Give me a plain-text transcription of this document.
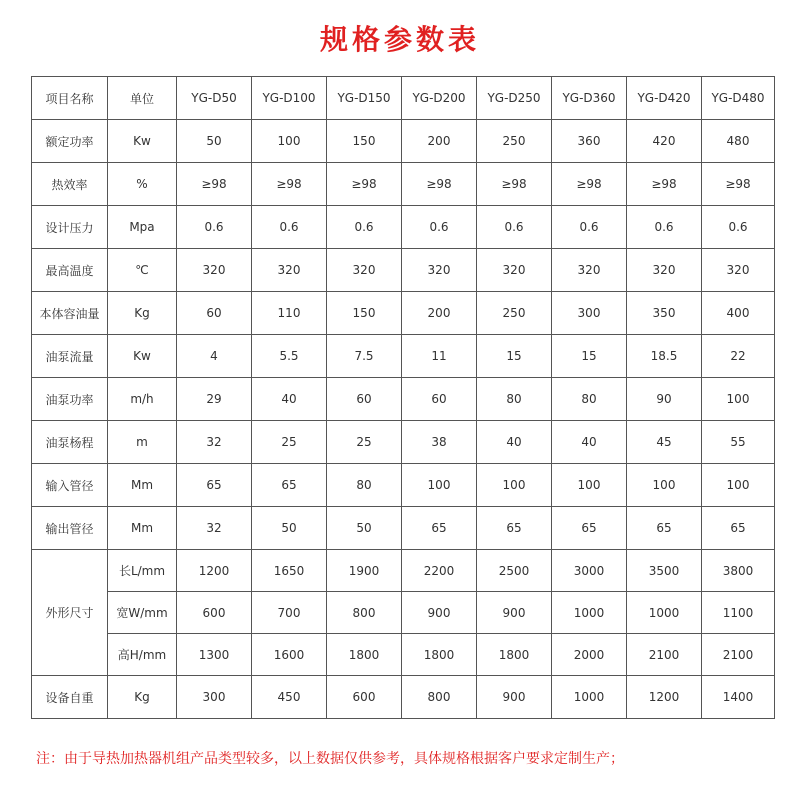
规格参数表
项目名称	单位	YG-D50	YG-D100	YG-D150	YG-D200	YG-D250	YG-D360	YG-D420	YG-D480
额定功率	Kw	50	100	150	200	250	360	420	480
热效率	%	≥98	≥98	≥98	≥98	≥98	≥98	≥98	≥98
设计压力	Mpa	0.6	0.6	0.6	0.6	0.6	0.6	0.6	0.6
最高温度	℃	320	320	320	320	320	320	320	320
本体容油量	Kg	60	110	150	200	250	300	350	400
油泵流量	Kw	4	5.5	7.5	11	15	15	18.5	22
油泵功率	m/h	29	40	60	60	80	80	90	100
油泵杨程	m	32	25	25	38	40	40	45	55
输入管径	Mm	65	65	80	100	100	100	100	100
输出管径	Mm	32	50	50	65	65	65	65	65
外形尺寸	长L/mm	1200	1650	1900	2200	2500	3000	3500	3800
	宽W/mm	600	700	800	900	900	1000	1000	1100
	高H/mm	1300	1600	1800	1800	1800	2000	2100	2100
设备自重	Kg	300	450	600	800	900	1000	1200	1400
注：由于导热加热器机组产品类型较多，以上数据仅供参考，具体规格根据客户要求定制生产；
